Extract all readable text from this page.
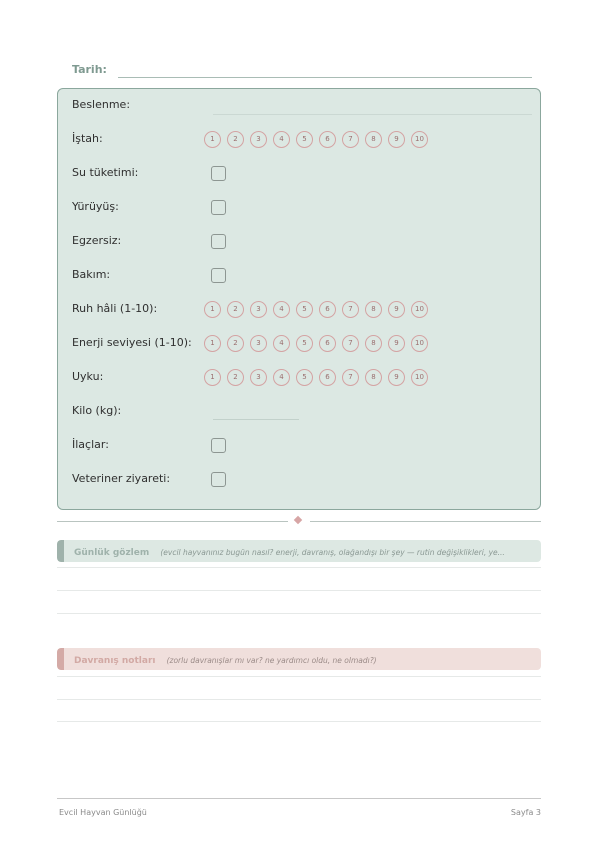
Tarih:
Beslenme:
İştah:	1	2	3	4	5	6	7	8	9	10
Su tüketimi:
Yürüyüş:
Egzersiz:
Bakım:
Ruh hâli (1-10):	1	2	3	4	5	6	7	8	9	10
Enerji seviyesi (1-10):	1	2	3	4	5	6	7	8	9	10
Uyku:	1	2	3	4	5	6	7	8	9	10
Kilo (kg):
İlaçlar:
Veteriner ziyareti:
Günlük gözlem (evcil hayvanınız bugün nasıl? enerji, davranış, olağandışı bir şey — rutin değişiklikleri, ye...
Davranış notları (zorlu davranışlar mı var? ne yardımcı oldu, ne olmadı?)
Evcil Hayvan Günlüğü	Sayfa 3
